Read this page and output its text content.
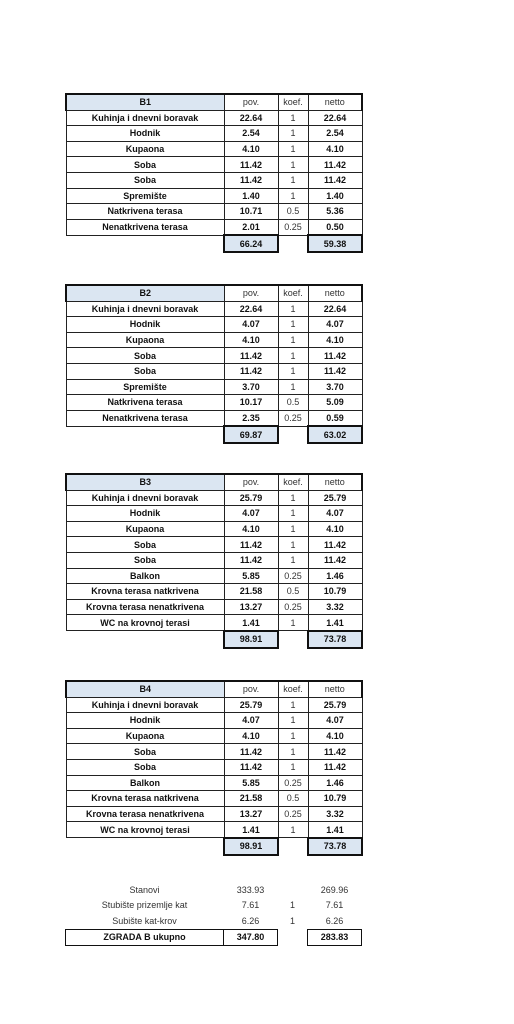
B1	pov.	koef.	netto
Kuhinja i dnevni boravak	22.64	1	22.64
Hodnik	2.54	1	2.54
Kupaona	4.10	1	4.10
Soba	11.42	1	11.42
Soba	11.42	1	11.42
Spremište	1.40	1	1.40
Natkrivena terasa	10.71	0.5	5.36
Nenatkrivena terasa	2.01	0.25	0.50
	66.24		59.38
B2	pov.	koef.	netto
Kuhinja i dnevni boravak	22.64	1	22.64
Hodnik	4.07	1	4.07
Kupaona	4.10	1	4.10
Soba	11.42	1	11.42
Soba	11.42	1	11.42
Spremište	3.70	1	3.70
Natkrivena terasa	10.17	0.5	5.09
Nenatkrivena terasa	2.35	0.25	0.59
	69.87		63.02
B3	pov.	koef.	netto
Kuhinja i dnevni boravak	25.79	1	25.79
Hodnik	4.07	1	4.07
Kupaona	4.10	1	4.10
Soba	11.42	1	11.42
Soba	11.42	1	11.42
Balkon	5.85	0.25	1.46
Krovna terasa natkrivena	21.58	0.5	10.79
Krovna terasa nenatkrivena	13.27	0.25	3.32
WC na krovnoj terasi	1.41	1	1.41
	98.91		73.78
B4	pov.	koef.	netto
Kuhinja i dnevni boravak	25.79	1	25.79
Hodnik	4.07	1	4.07
Kupaona	4.10	1	4.10
Soba	11.42	1	11.42
Soba	11.42	1	11.42
Balkon	5.85	0.25	1.46
Krovna terasa natkrivena	21.58	0.5	10.79
Krovna terasa nenatkrivena	13.27	0.25	3.32
WC na krovnoj terasi	1.41	1	1.41
	98.91		73.78
Stanovi	333.93		269.96
Stubište prizemlje kat	7.61	1	7.61
Subište kat-krov	6.26	1	6.26
ZGRADA B ukupno	347.80		283.83
